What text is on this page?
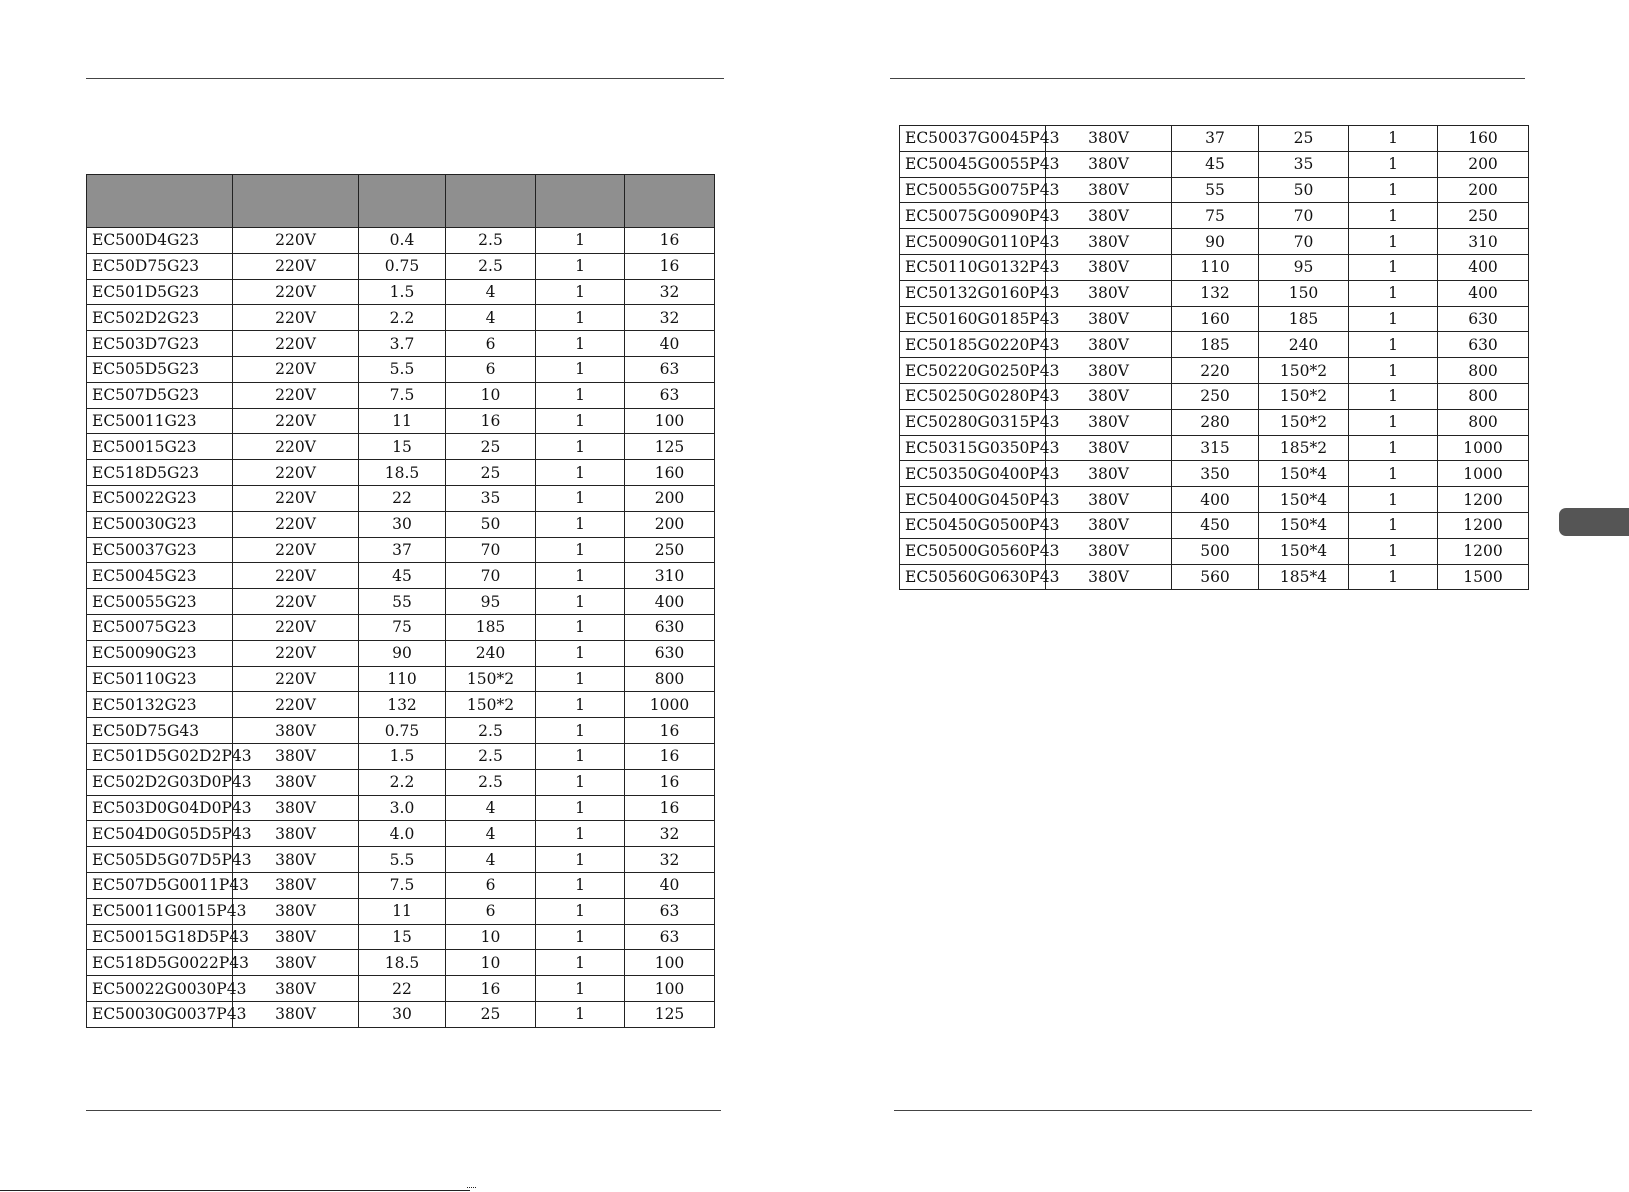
EC500D4G23	220V	0.4	2.5	1	16
EC50D75G23	220V	0.75	2.5	1	16
EC501D5G23	220V	1.5	4	1	32
EC502D2G23	220V	2.2	4	1	32
EC503D7G23	220V	3.7	6	1	40
EC505D5G23	220V	5.5	6	1	63
EC507D5G23	220V	7.5	10	1	63
EC50011G23	220V	11	16	1	100
EC50015G23	220V	15	25	1	125
EC518D5G23	220V	18.5	25	1	160
EC50022G23	220V	22	35	1	200
EC50030G23	220V	30	50	1	200
EC50037G23	220V	37	70	1	250
EC50045G23	220V	45	70	1	310
EC50055G23	220V	55	95	1	400
EC50075G23	220V	75	185	1	630
EC50090G23	220V	90	240	1	630
EC50110G23	220V	110	150*2	1	800
EC50132G23	220V	132	150*2	1	1000
EC50D75G43	380V	0.75	2.5	1	16
EC501D5G02D2P43	380V	1.5	2.5	1	16
EC502D2G03D0P43	380V	2.2	2.5	1	16
EC503D0G04D0P43	380V	3.0	4	1	16
EC504D0G05D5P43	380V	4.0	4	1	32
EC505D5G07D5P43	380V	5.5	4	1	32
EC507D5G0011P43	380V	7.5	6	1	40
EC50011G0015P43	380V	11	6	1	63
EC50015G18D5P43	380V	15	10	1	63
EC518D5G0022P43	380V	18.5	10	1	100
EC50022G0030P43	380V	22	16	1	100
EC50030G0037P43	380V	30	25	1	125
EC50037G0045P43	380V	37	25	1	160
EC50045G0055P43	380V	45	35	1	200
EC50055G0075P43	380V	55	50	1	200
EC50075G0090P43	380V	75	70	1	250
EC50090G0110P43	380V	90	70	1	310
EC50110G0132P43	380V	110	95	1	400
EC50132G0160P43	380V	132	150	1	400
EC50160G0185P43	380V	160	185	1	630
EC50185G0220P43	380V	185	240	1	630
EC50220G0250P43	380V	220	150*2	1	800
EC50250G0280P43	380V	250	150*2	1	800
EC50280G0315P43	380V	280	150*2	1	800
EC50315G0350P43	380V	315	185*2	1	1000
EC50350G0400P43	380V	350	150*4	1	1000
EC50400G0450P43	380V	400	150*4	1	1200
EC50450G0500P43	380V	450	150*4	1	1200
EC50500G0560P43	380V	500	150*4	1	1200
EC50560G0630P43	380V	560	185*4	1	1500
